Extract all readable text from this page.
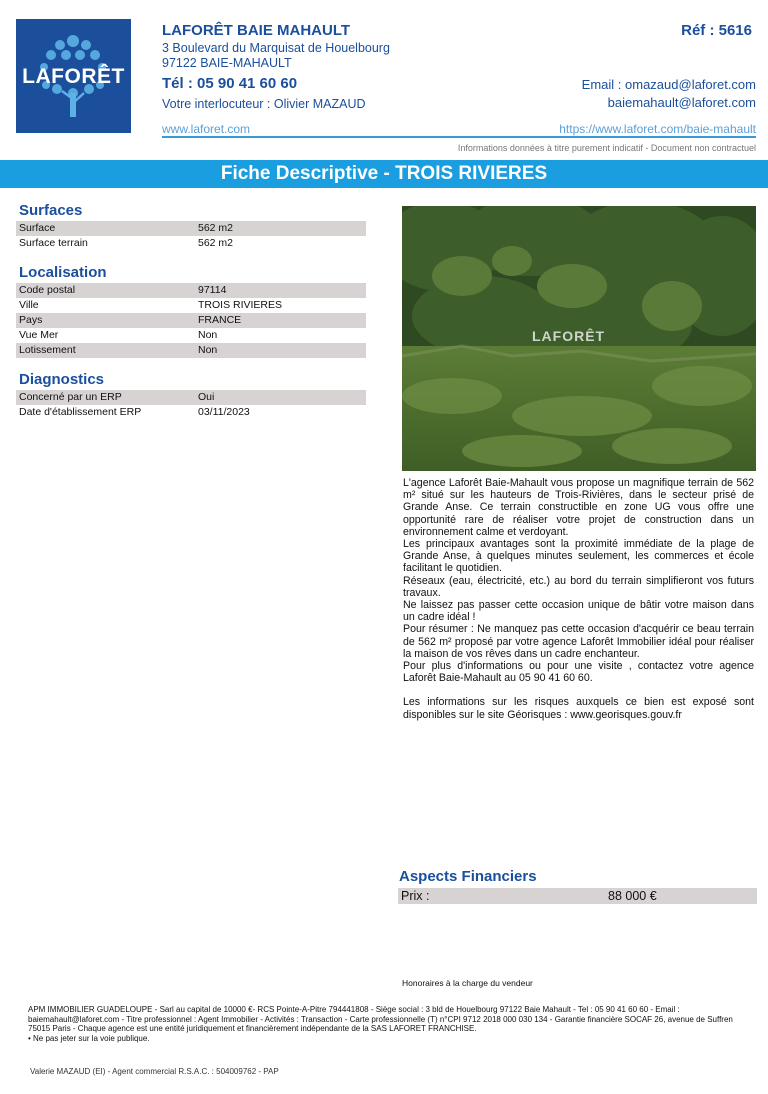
LAFORÊT
LAFORÊT BAIE MAHAULT	Réf : 5616
3 Boulevard du Marquisat de Houelbourg
97122 BAIE-MAHAULT
Tél : 05 90 41 60 60	Email : omazaud@laforet.com
baiemahault@laforet.com
Votre interlocuteur : Olivier MAZAUD
www.laforet.com	https://www.laforet.com/baie-mahault
Informations données à titre purement indicatif - Document non contractuel
Fiche Descriptive - TROIS RIVIERES
Surfaces
Surface	562 m2
Surface terrain	562 m2
Localisation
Code postal	97114
Ville	TROIS RIVIERES
Pays	FRANCE
Vue Mer	Non
Lotissement	Non
Diagnostics
Concerné par un ERP	Oui
Date d'établissement ERP	03/11/2023
LAFORÊT

L'agence Laforêt Baie-Mahault vous propose un magnifique terrain de 562 m² situé sur les hauteurs de Trois-Rivières, dans le secteur prisé de Grande Anse. Ce terrain constructible en zone UG vous offre une opportunité rare de réaliser votre projet de construction dans un environnement calme et verdoyant.

Les principaux avantages sont la proximité immédiate de la plage de Grande Anse, à quelques minutes seulement, les commerces et école facilitant le quotidien.

Réseaux (eau, électricité, etc.) au bord du terrain simplifieront vos futurs travaux.

Ne laissez pas passer cette occasion unique de bâtir votre maison dans un cadre idéal !

Pour résumer : Ne manquez pas cette occasion d'acquérir ce beau terrain de 562 m² proposé par votre agence Laforêt Immobilier idéal pour réaliser la maison de vos rêves dans un cadre enchanteur.

Pour plus d'informations ou pour une visite , contactez votre agence Laforêt Baie-Mahault au 05 90 41 60 60.

Les informations sur les risques auxquels ce bien est exposé sont disponibles sur le site Géorisques : www.georisques.gouv.fr

Aspects Financiers
Prix :	88 000 €
Honoraires à la charge du vendeur
APM IMMOBILIER GUADELOUPE - Sarl au capital de 10000 €- RCS Pointe-A-Pitre 794441808 - Siège social : 3 bld de Houelbourg 97122 Baie Mahault - Tel : 05 90 41 60 60 - Email : baiemahault@laforet.com - Titre professionnel : Agent Immobilier - Activités : Transaction - Carte professionnelle (T) n°CPI 9712 2018 000 030 134 - Garantie financière SOCAF 26, avenue de Suffren 75015 Paris - Chaque agence est une entité juridiquement et financièrement indépendante de la SAS LAFORET FRANCHISE.
• Ne pas jeter sur la voie publique.
Valerie MAZAUD (EI) - Agent commercial R.S.A.C. : 504009762 - PAP
